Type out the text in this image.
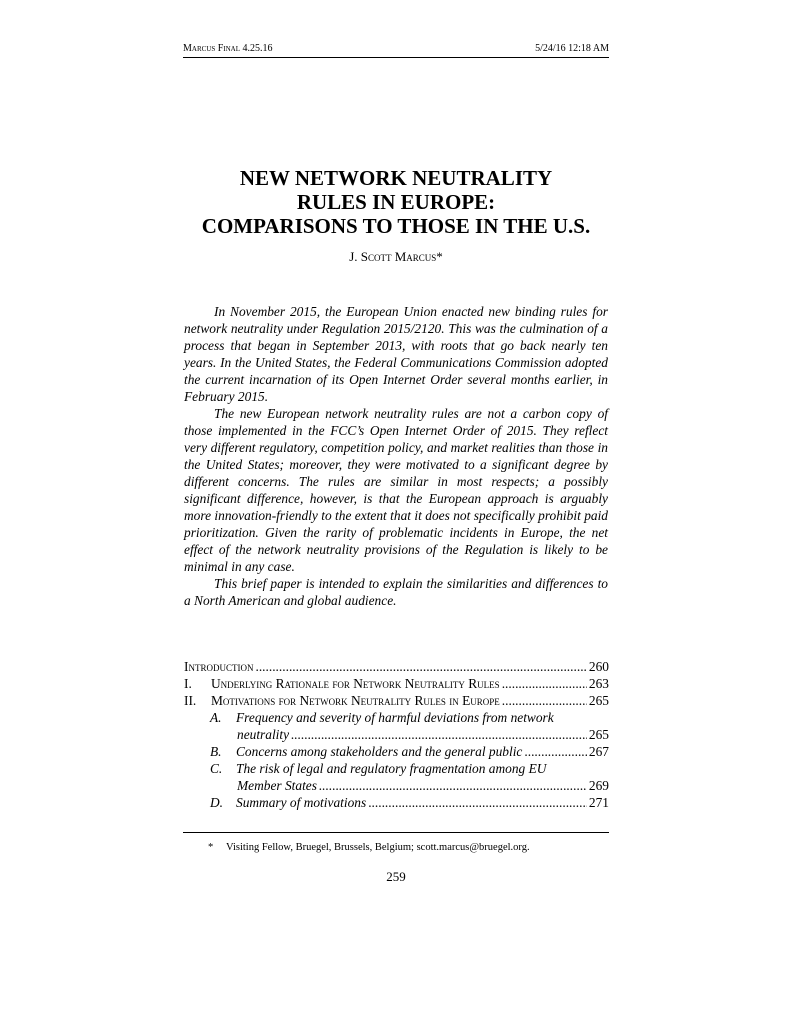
Marcus Final 4.25.16	5/24/16 12:18 AM
NEW NETWORK NEUTRALITY
RULES IN EUROPE:
COMPARISONS TO THOSE IN THE U.S.
J. Scott Marcus*

In November 2015, the European Union enacted new binding rules for network neutrality under Regulation 2015/2120. This was the culmination of a process that began in September 2013, with roots that go back nearly ten years. In the United States, the Federal Communications Commission adopted the current incarnation of its Open Internet Order several months earlier, in February 2015.

The new European network neutrality rules are not a carbon copy of those implemented in the FCC’s Open Internet Order of 2015. They reflect very different regulatory, competition policy, and market realities than those in the United States; moreover, they were motivated to a significant degree by different concerns. The rules are similar in most respects; a possibly significant difference, however, is that the European approach is arguably more innovation-friendly to the extent that it does not specifically prohibit paid prioritization. Given the rarity of problematic incidents in Europe, the net effect of the network neutrality provisions of the Regulation is likely to be minimal in any case.

This brief paper is intended to explain the similarities and differences to a North American and global audience.

Introduction .....	260
I.	Underlying Rationale for Network Neutrality Rules .....	263
II.	Motivations for Network Neutrality Rules in Europe .....	265
A.	Frequency and severity of harmful deviations from network
neutrality .....	265
B.	Concerns among stakeholders and the general public .....	267
C.	The risk of legal and regulatory fragmentation among EU
Member States .....	269
D. Summary of motivations .....	271
* Visiting Fellow, Bruegel, Brussels, Belgium; scott.marcus@bruegel.org.
259
